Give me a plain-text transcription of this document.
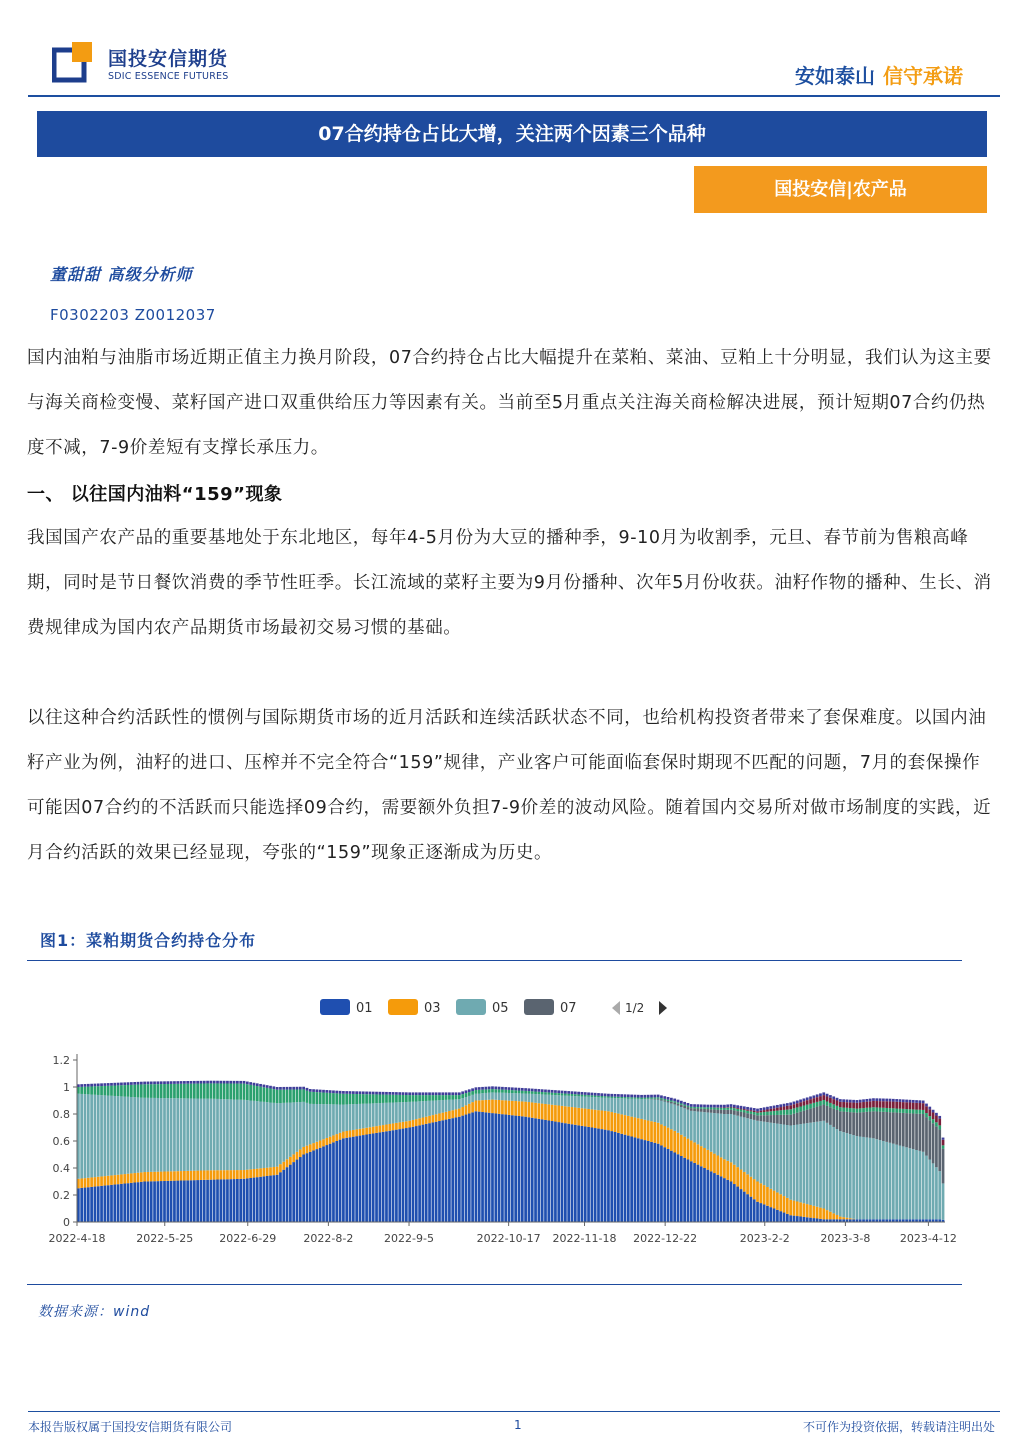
国投安信期货
SDIC ESSENCE FUTURES	安如泰山 信守承诺
07合约持仓占比大增，关注两个因素三个品种
国投安信|农产品
董甜甜 高级分析师
F0302203 Z0012037

国内油粕与油脂市场近期正值主力换月阶段，07合约持仓占比大幅提升在菜粕、菜油、豆粕上十分明显，我们认为这主要与海关商检变慢、菜籽国产进口双重供给压力等因素有关。当前至5月重点关注海关商检解决进展，预计短期07合约仍热度不减，7-9价差短有支撑长承压力。

一、 以往国内油料“159”现象

我国国产农产品的重要基地处于东北地区，每年4-5月份为大豆的播种季，9-10月为收割季，元旦、春节前为售粮高峰期，同时是节日餐饮消费的季节性旺季。长江流域的菜籽主要为9月份播种、次年5月份收获。油籽作物的播种、生长、消费规律成为国内农产品期货市场最初交易习惯的基础。

以往这种合约活跃性的惯例与国际期货市场的近月活跃和连续活跃状态不同，也给机构投资者带来了套保难度。以国内油籽产业为例，油籽的进口、压榨并不完全符合“159”规律，产业客户可能面临套保时期现不匹配的问题，7月的套保操作可能因07合约的不活跃而只能选择09合约，需要额外负担7-9价差的波动风险。随着国内交易所对做市场制度的实践，近月合约活跃的效果已经显现，夸张的“159”现象正逐渐成为历史。

图1：菜粕期货合约持仓分布
01	03	05	07	1/2
0
0.2
0.4
0.6
0.8
1
1.2
2022-4-18	2022-5-25 2022-6-29 2022-8-2	2022-9-5	2022-10-17 2022-11-18 2022-12-22	2023-2-2	2023-3-8	2023-4-12
数据来源：wind
本报告版权属于国投安信期货有限公司	1	不可作为投资依据，转载请注明出处
